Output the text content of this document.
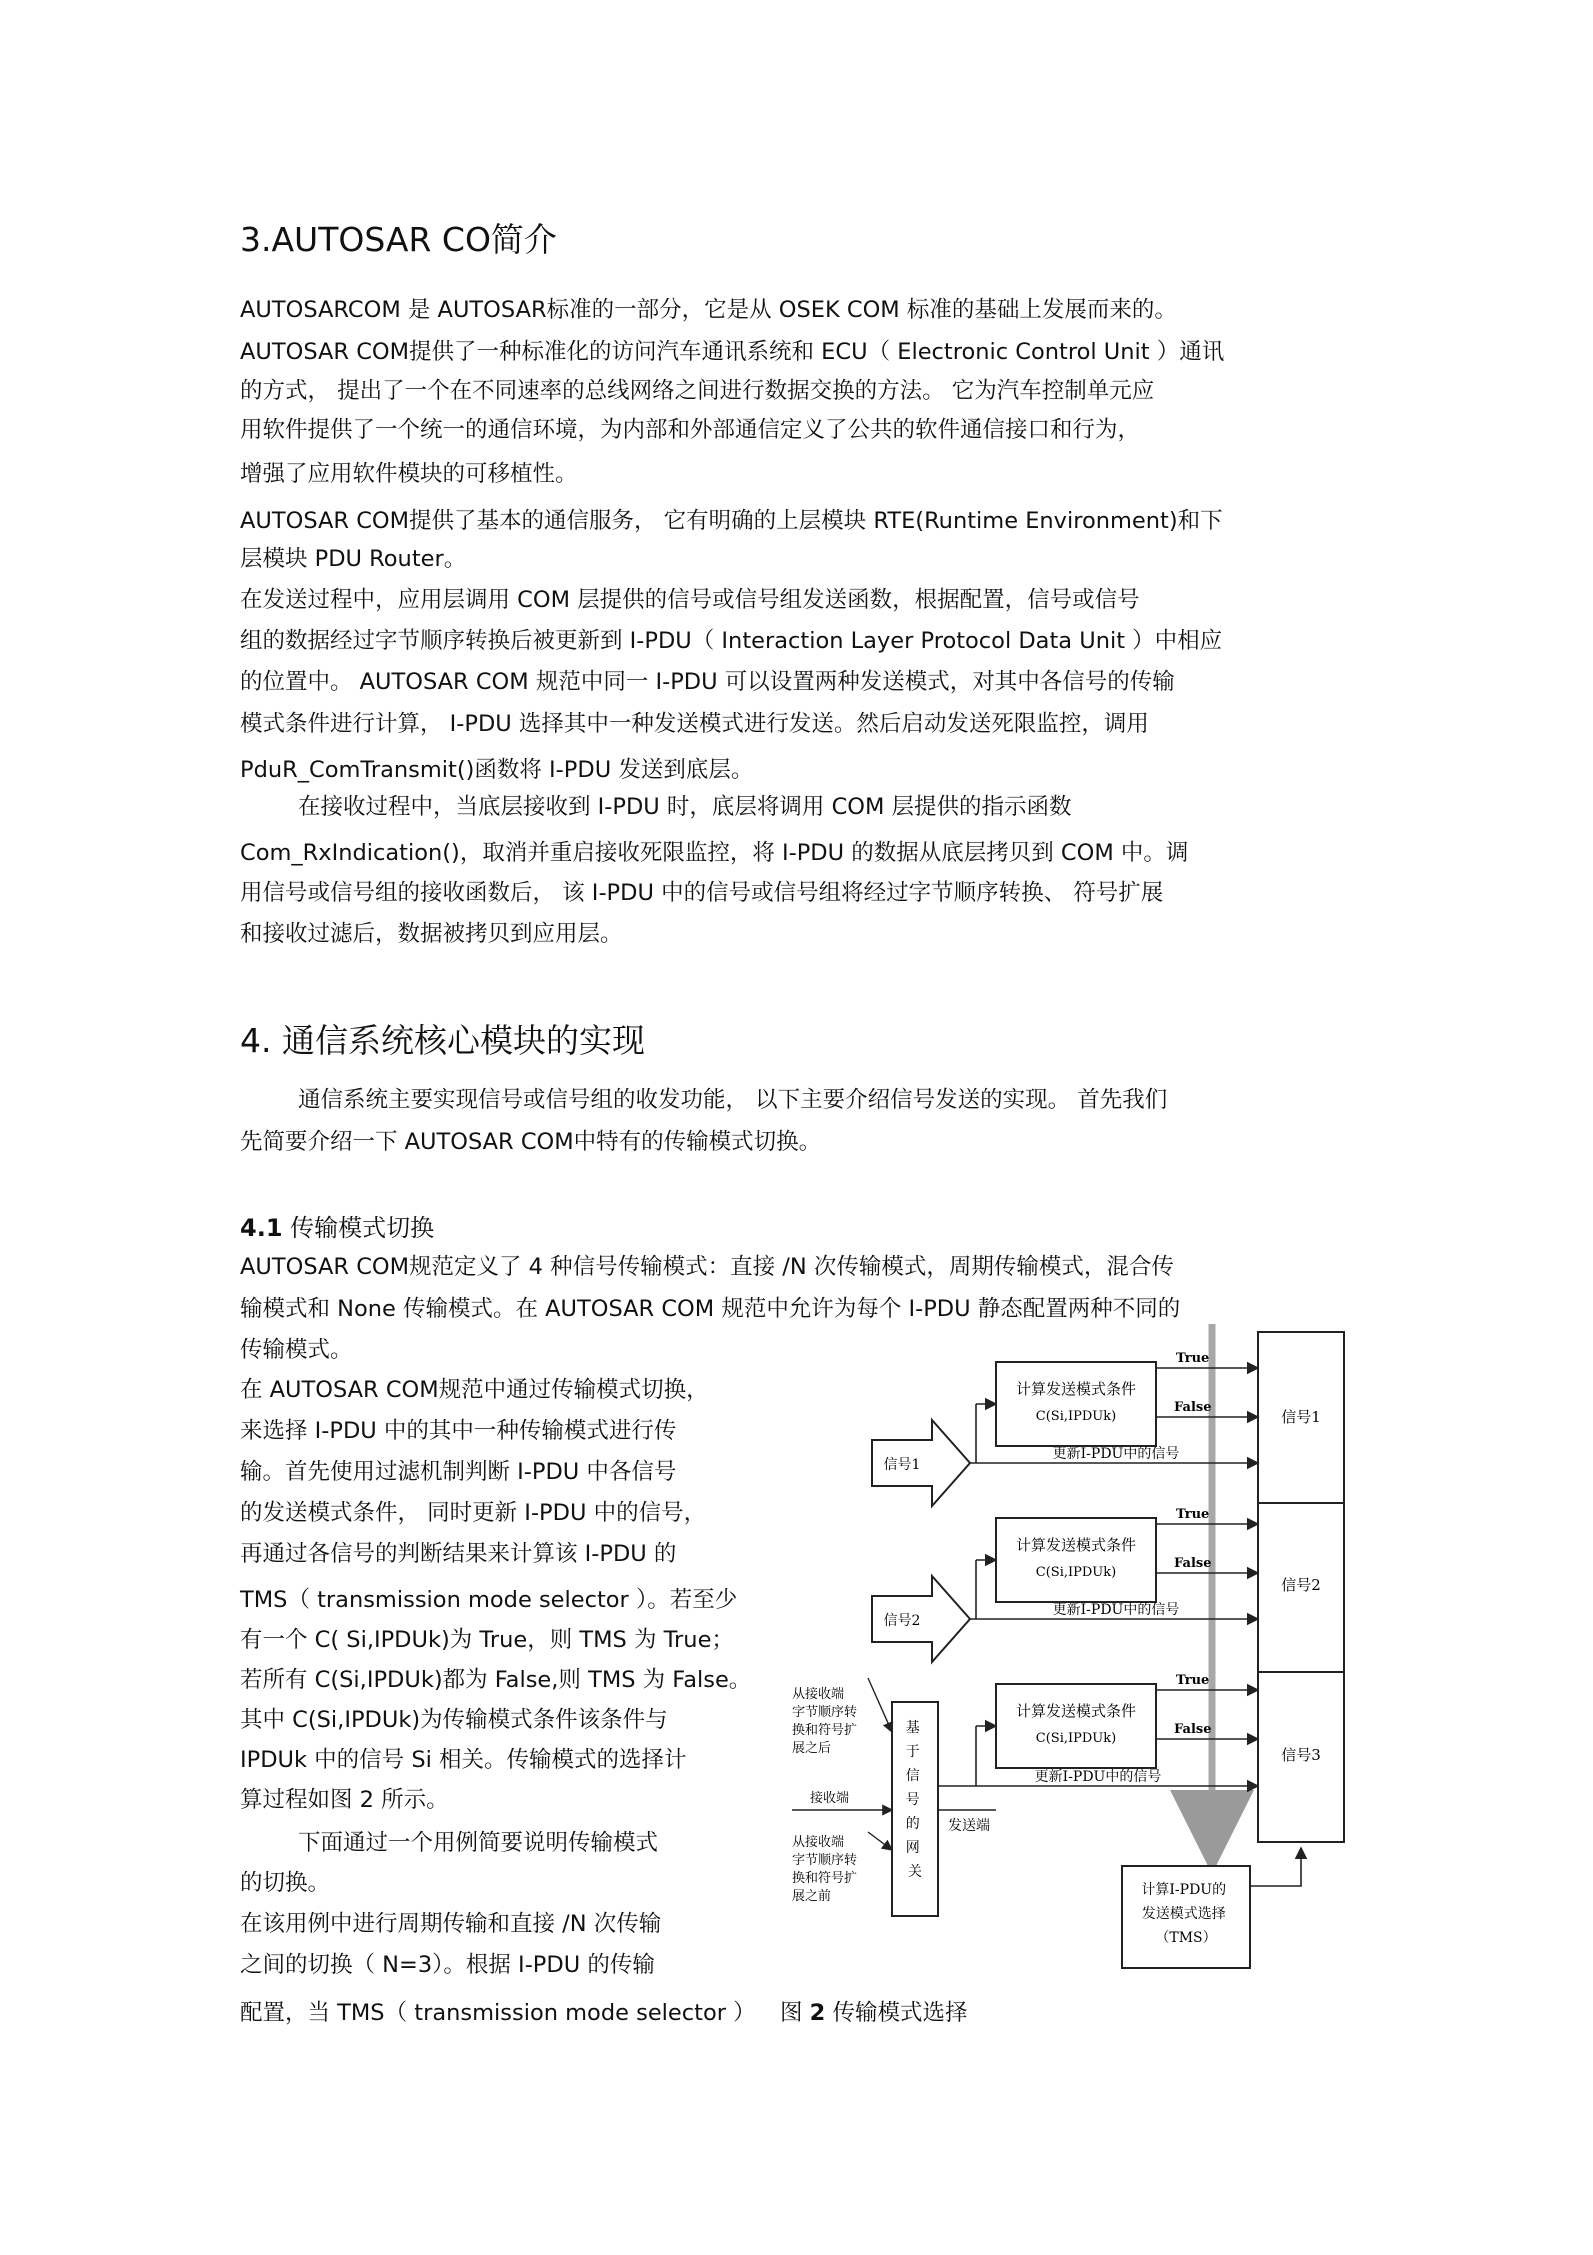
3.AUTOSAR CO简介
AUTOSARCOM 是 AUTOSAR标准的一部分，它是从 OSEK COM 标准的基础上发展而来的。
AUTOSAR COM提供了一种标准化的访问汽车通讯系统和 ECU（ Electronic Control Unit ）通讯
的方式， 提出了一个在不同速率的总线网络之间进行数据交换的方法。 它为汽车控制单元应
用软件提供了一个统一的通信环境，为内部和外部通信定义了公共的软件通信接口和行为，
增强了应用软件模块的可移植性。
AUTOSAR COM提供了基本的通信服务， 它有明确的上层模块 RTE(Runtime Environment)和下
层模块 PDU Router。
在发送过程中，应用层调用 COM 层提供的信号或信号组发送函数，根据配置，信号或信号
组的数据经过字节顺序转换后被更新到 I-PDU（ Interaction Layer Protocol Data Unit ）中相应
的位置中。 AUTOSAR COM 规范中同一 I-PDU 可以设置两种发送模式，对其中各信号的传输
模式条件进行计算， I-PDU 选择其中一种发送模式进行发送。然后启动发送死限监控，调用
PduR_ComTransmit()函数将 I-PDU 发送到底层。
在接收过程中，当底层接收到 I-PDU 时，底层将调用 COM 层提供的指示函数
Com_RxIndication()，取消并重启接收死限监控，将 I-PDU 的数据从底层拷贝到 COM 中。调
用信号或信号组的接收函数后， 该 I-PDU 中的信号或信号组将经过字节顺序转换、 符号扩展
和接收过滤后，数据被拷贝到应用层。
4. 通信系统核心模块的实现
通信系统主要实现信号或信号组的收发功能， 以下主要介绍信号发送的实现。 首先我们
先简要介绍一下 AUTOSAR COM中特有的传输模式切换。
4.1 传输模式切换
AUTOSAR COM规范定义了 4 种信号传输模式：直接 /N 次传输模式，周期传输模式，混合传
输模式和 None 传输模式。在 AUTOSAR COM 规范中允许为每个 I-PDU 静态配置两种不同的
传输模式。
在 AUTOSAR COM规范中通过传输模式切换，
来选择 I-PDU 中的其中一种传输模式进行传
输。首先使用过滤机制判断 I-PDU 中各信号
的发送模式条件， 同时更新 I-PDU 中的信号，
再通过各信号的判断结果来计算该 I-PDU 的
TMS（ transmission mode selector ）。若至少
有一个 C( Si,IPDUk)为 True，则 TMS 为 True；
若所有 C(Si,IPDUk)都为 False,则 TMS 为 False。
其中 C(Si,IPDUk)为传输模式条件该条件与
IPDUk 中的信号 Si 相关。传输模式的选择计
算过程如图 2 所示。
下面通过一个用例简要说明传输模式
的切换。
在该用例中进行周期传输和直接 /N 次传输
之间的切换（ N=3）。根据 I-PDU 的传输
配置，当 TMS（ transmission mode selector ） 图 2 传输模式选择
信号1
信号2
信号3
计算发送模式条件
C(Si,IPDUk)
True
False
信号1
更新I-PDU中的信号
计算发送模式条件
C(Si,IPDUk)
True
False
信号2
更新I-PDU中的信号
计算发送模式条件
C(Si,IPDUk)
True
False
更新I-PDU中的信号
基 于 信 号 的 网 关
从接收端 字节顺序转 换和符号扩 展之后
接收端
从接收端 字节顺序转 换和符号扩 展之前
发送端
计算I-PDU的 发送模式选择 （TMS）
